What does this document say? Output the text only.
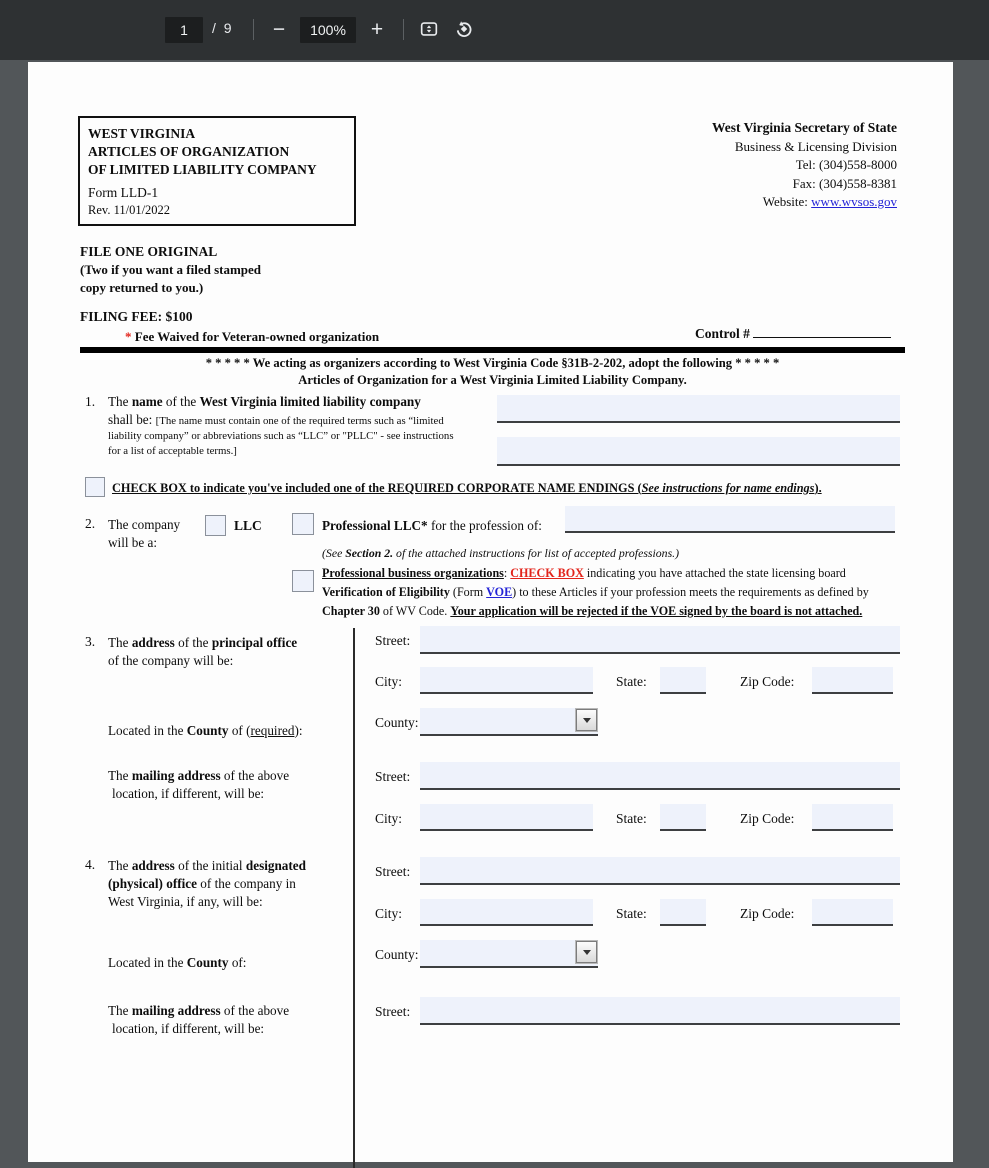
1 / 9 − 100% +
WEST VIRGINIA
ARTICLES OF ORGANIZATION
OF LIMITED LIABILITY COMPANY
Form LLD-1
Rev. 11/01/2022
West Virginia Secretary of State
Business & Licensing Division
Tel: (304)558-8000
Fax: (304)558-8381
Website: www.wvsos.gov
FILE ONE ORIGINAL
(Two if you want a filed stamped
copy returned to you.)
FILING FEE: $100
* Fee Waived for Veteran-owned organization	Control #
* * * * * We acting as organizers according to West Virginia Code §31B-2-202, adopt the following * * * * *
Articles of Organization for a West Virginia Limited Liability Company.
1. The name of the West Virginia limited liability company
shall be: [The name must contain one of the required terms such as “limited
liability company” or abbreviations such as “LLC” or "PLLC" - see instructions
for a list of acceptable terms.]
CHECK BOX to indicate you've included one of the REQUIRED CORPORATE NAME ENDINGS (See instructions for name endings).
2. The company
will be a:
LLC	Professional LLC* for the profession of:
(See Section 2. of the attached instructions for list of accepted professions.)
Professional business organizations: CHECK BOX indicating you have attached the state licensing board
Verification of Eligibility (Form VOE) to these Articles if your profession meets the requirements as defined by
Chapter 30 of WV Code. Your application will be rejected if the VOE signed by the board is not attached.
3. The address of the principal office
of the company will be:
Street:
City:	State:	Zip Code:
County:
Located in the County of (required):
The mailing address of the above
location, if different, will be:
Street:
City:	State:	Zip Code:
4. The address of the initial designated
(physical) office of the company in
West Virginia, if any, will be:
Street:
City:	State:	Zip Code:
County:
Located in the County of:
The mailing address of the above
location, if different, will be:
Street:
